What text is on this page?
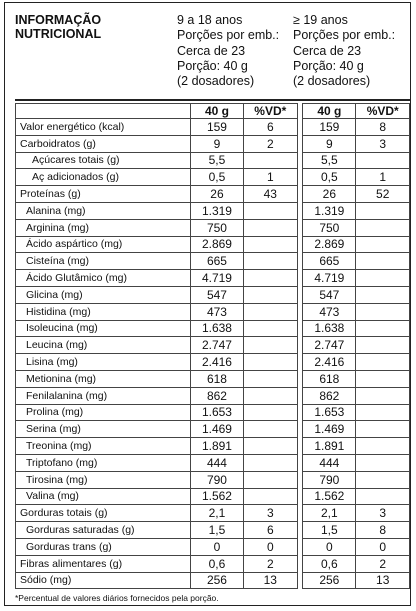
INFORMAÇÃO
NUTRICIONAL
9 a 18 anos
Porções por emb.:
Cerca de 23
Porção: 40 g
(2 dosadores)
≥ 19 anos
Porções por emb.:
Cerca de 23
Porção: 40 g
(2 dosadores)
	40 g	%VD*		40 g	%VD*
Valor energético (kcal)	159	6		159	8
Carboidratos (g)	9	2		9	3
Açúcares totais (g)	5,5			5,5	
Aç adicionados (g)	0,5	1		0,5	1
Proteínas (g)	26	43		26	52
Alanina (mg)	1.319			1.319	
Arginina (mg)	750			750	
Ácido aspártico (mg)	2.869			2.869	
Cisteína (mg)	665			665	
Ácido Glutâmico (mg)	4.719			4.719	
Glicina (mg)	547			547	
Histidina (mg)	473			473	
Isoleucina (mg)	1.638			1.638	
Leucina (mg)	2.747			2.747	
Lisina (mg)	2.416			2.416	
Metionina (mg)	618			618	
Fenilalanina (mg)	862			862	
Prolina (mg)	1.653			1.653	
Serina (mg)	1.469			1.469	
Treonina (mg)	1.891			1.891	
Triptofano (mg)	444			444	
Tirosina (mg)	790			790	
Valina (mg)	1.562			1.562	
Gorduras totais (g)	2,1	3		2,1	3
Gorduras saturadas (g)	1,5	6		1,5	8
Gorduras trans (g)	0	0		0	0
Fibras alimentares (g)	0,6	2		0,6	2
Sódio (mg)	256	13		256	13
*Percentual de valores diários fornecidos pela porção.
